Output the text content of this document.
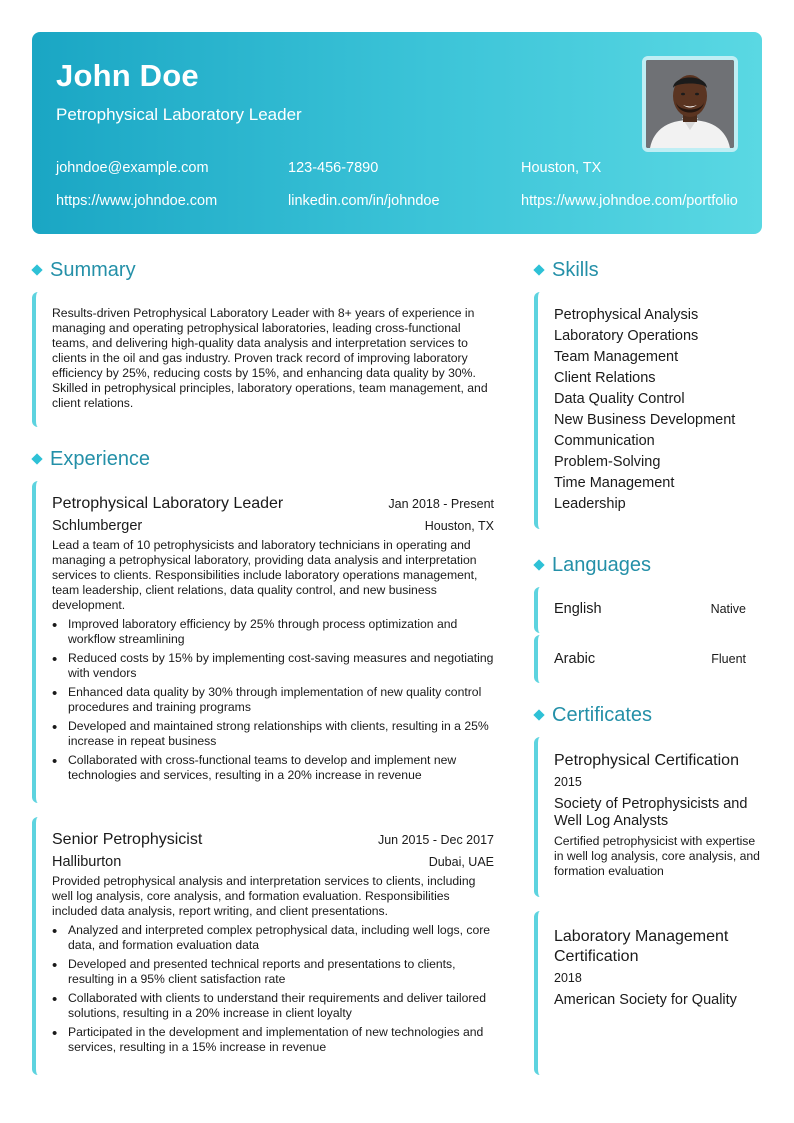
John Doe
Petrophysical Laboratory Leader
johndoe@example.com	123-456-7890	Houston, TX
https://www.johndoe.com	linkedin.com/in/johndoe	https://www.johndoe.com/portfolio
Summary

Results-driven Petrophysical Laboratory Leader with 8+ years of experience in managing and operating petrophysical laboratories, leading cross-functional teams, and delivering high-quality data analysis and interpretation services to clients in the oil and gas industry. Proven track record of improving laboratory efficiency by 25%, reducing costs by 15%, and enhancing data quality by 30%. Skilled in petrophysical principles, laboratory operations, team management, and client relations.

Experience
Petrophysical Laboratory Leader	Jan 2018 - Present
Schlumberger	Houston, TX

Lead a team of 10 petrophysicists and laboratory technicians in operating and managing a petrophysical laboratory, providing data analysis and interpretation services to clients. Responsibilities include laboratory operations management, team leadership, client relations, data quality control, and new business development.

• Improved laboratory efficiency by 25% through process optimization and workflow streamlining
• Reduced costs by 15% by implementing cost-saving measures and negotiating with vendors
• Enhanced data quality by 30% through implementation of new quality control procedures and training programs
• Developed and maintained strong relationships with clients, resulting in a 25% increase in repeat business
• Collaborated with cross-functional teams to develop and implement new technologies and services, resulting in a 20% increase in revenue
Senior Petrophysicist	Jun 2015 - Dec 2017
Halliburton	Dubai, UAE

Provided petrophysical analysis and interpretation services to clients, including well log analysis, core analysis, and formation evaluation. Responsibilities included data analysis, report writing, and client presentations.

• Analyzed and interpreted complex petrophysical data, including well logs, core data, and formation evaluation data
• Developed and presented technical reports and presentations to clients, resulting in a 95% client satisfaction rate
• Collaborated with clients to understand their requirements and deliver tailored solutions, resulting in a 20% increase in client loyalty
• Participated in the development and implementation of new technologies and services, resulting in a 15% increase in revenue
Skills
Petrophysical Analysis
Laboratory Operations
Team Management
Client Relations
Data Quality Control
New Business Development
Communication
Problem-Solving
Time Management
Leadership
Languages
English	Native
Arabic	Fluent
Certificates
Petrophysical Certification
2015
Society of Petrophysicists and Well Log Analysts
Certified petrophysicist with expertise in well log analysis, core analysis, and formation evaluation
Laboratory Management Certification
2018
American Society for Quality
